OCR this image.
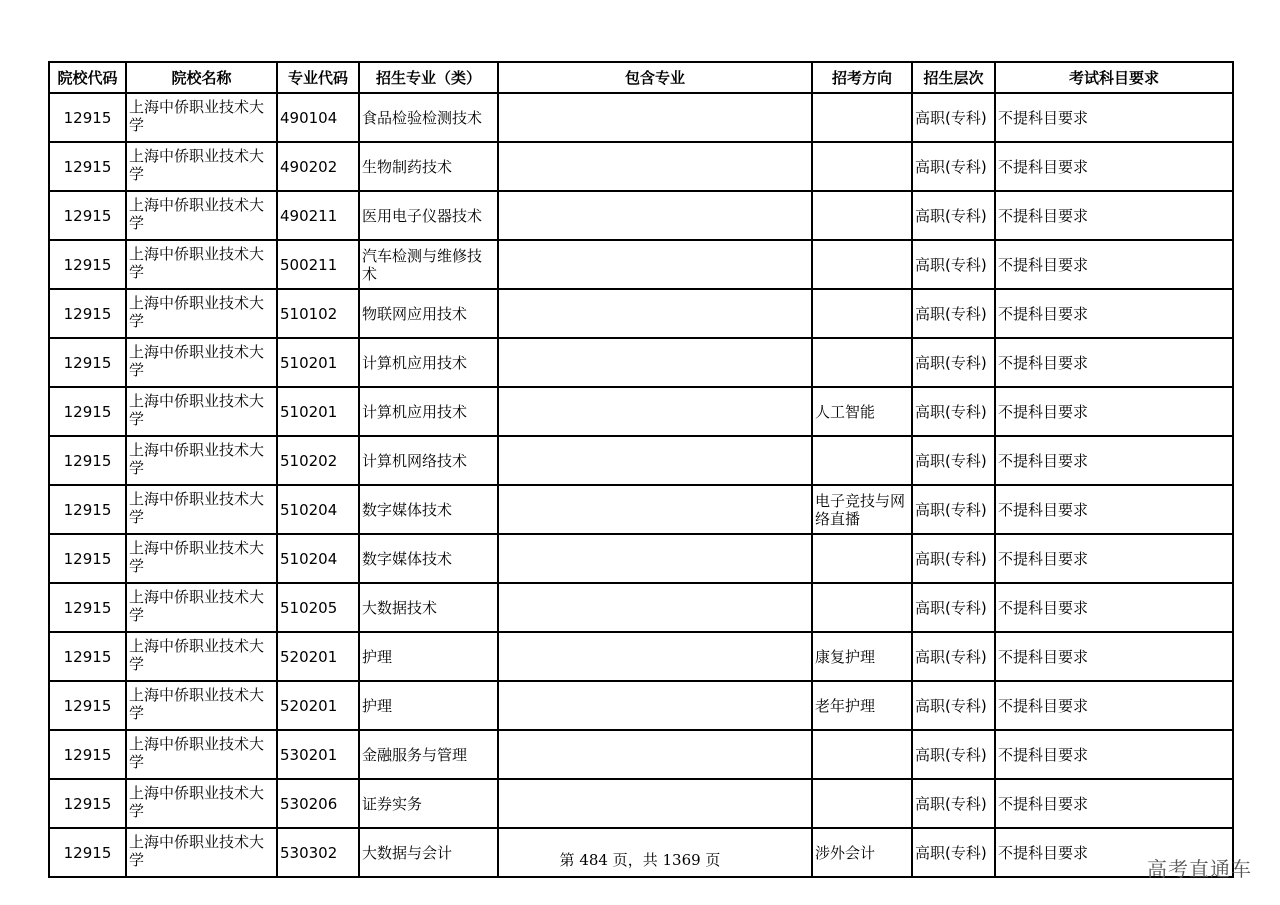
院校代码	院校名称	专业代码	招生专业（类）	包含专业	招考方向	招生层次	考试科目要求
12915	上海中侨职业技术大学	490104	食品检验检测技术			高职(专科)	不提科目要求
12915	上海中侨职业技术大学	490202	生物制药技术			高职(专科)	不提科目要求
12915	上海中侨职业技术大学	490211	医用电子仪器技术			高职(专科)	不提科目要求
12915	上海中侨职业技术大学	500211	汽车检测与维修技术			高职(专科)	不提科目要求
12915	上海中侨职业技术大学	510102	物联网应用技术			高职(专科)	不提科目要求
12915	上海中侨职业技术大学	510201	计算机应用技术			高职(专科)	不提科目要求
12915	上海中侨职业技术大学	510201	计算机应用技术		人工智能	高职(专科)	不提科目要求
12915	上海中侨职业技术大学	510202	计算机网络技术			高职(专科)	不提科目要求
12915	上海中侨职业技术大学	510204	数字媒体技术		电子竞技与网络直播	高职(专科)	不提科目要求
12915	上海中侨职业技术大学	510204	数字媒体技术			高职(专科)	不提科目要求
12915	上海中侨职业技术大学	510205	大数据技术			高职(专科)	不提科目要求
12915	上海中侨职业技术大学	520201	护理		康复护理	高职(专科)	不提科目要求
12915	上海中侨职业技术大学	520201	护理		老年护理	高职(专科)	不提科目要求
12915	上海中侨职业技术大学	530201	金融服务与管理			高职(专科)	不提科目要求
12915	上海中侨职业技术大学	530206	证券实务			高职(专科)	不提科目要求
12915	上海中侨职业技术大学	530302	大数据与会计		涉外会计	高职(专科)	不提科目要求
第 484 页，共 1369 页	高考直通车
